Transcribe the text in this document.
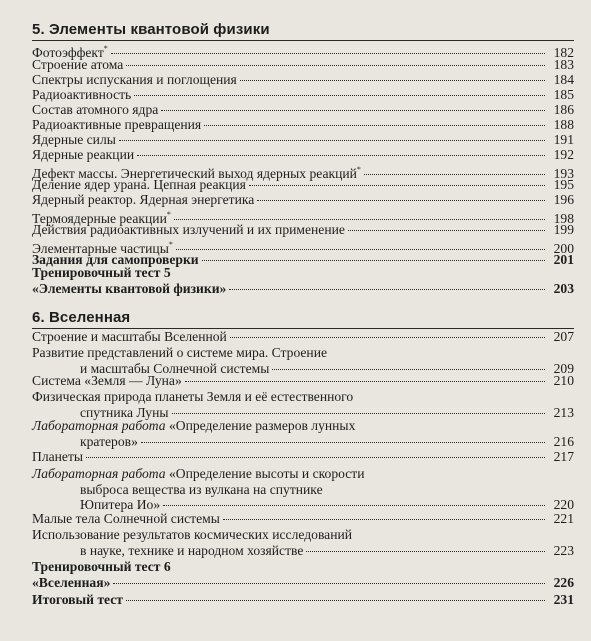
5. Элементы квантовой физики
Фотоэффект*	182
Строение атома	183
Спектры испускания и поглощения	184
Радиоактивность	185
Состав атомного ядра	186
Радиоактивные превращения	188
Ядерные силы	191
Ядерные реакции	192
Дефект массы. Энергетический выход ядерных реакций*	193
Деление ядер урана. Цепная реакция	195
Ядерный реактор. Ядерная энергетика	196
Термоядерные реакции*	198
Действия радиоактивных излучений и их применение	199
Элементарные частицы*	200
Задания для самопроверки	201
Тренировочный тест 5
«Элементы квантовой физики»	203
6. Вселенная
Строение и масштабы Вселенной	207
Развитие представлений о системе мира. Строение
и масштабы Солнечной системы	209
Система «Земля — Луна»	210
Физическая природа планеты Земля и её естественного
спутника Луны	213
Лабораторная работа «Определение размеров лунных
кратеров»	216
Планеты	217
Лабораторная работа «Определение высоты и скорости
выброса вещества из вулкана на спутнике
Юпитера Ио»	220
Малые тела Солнечной системы	221
Использование результатов космических исследований
в науке, технике и народном хозяйстве	223
Тренировочный тест 6
«Вселенная»	226
Итоговый тест	231
